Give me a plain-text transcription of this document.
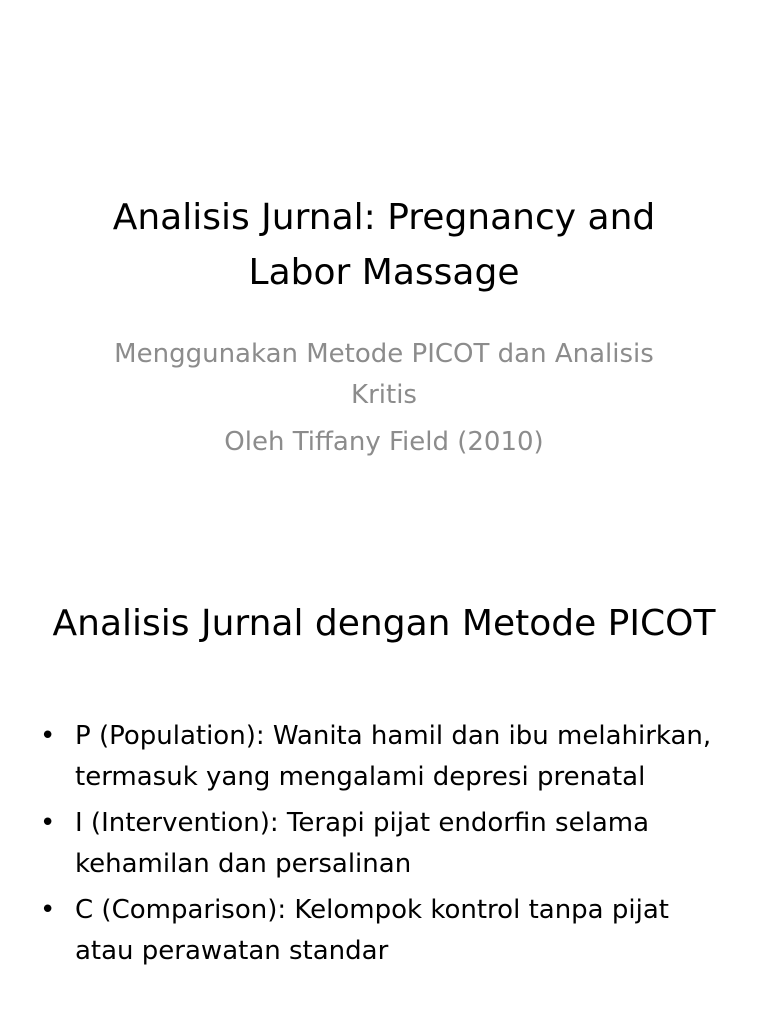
Analisis Jurnal: Pregnancy and Labor Massage
Menggunakan Metode PICOT dan Analisis Kritis
Oleh Tiffany Field (2010)
Analisis Jurnal dengan Metode PICOT
• P (Population): Wanita hamil dan ibu melahirkan, termasuk yang mengalami depresi prenatal
• I (Intervention): Terapi pijat endorfin selama kehamilan dan persalinan
• C (Comparison): Kelompok kontrol tanpa pijat atau perawatan standar
